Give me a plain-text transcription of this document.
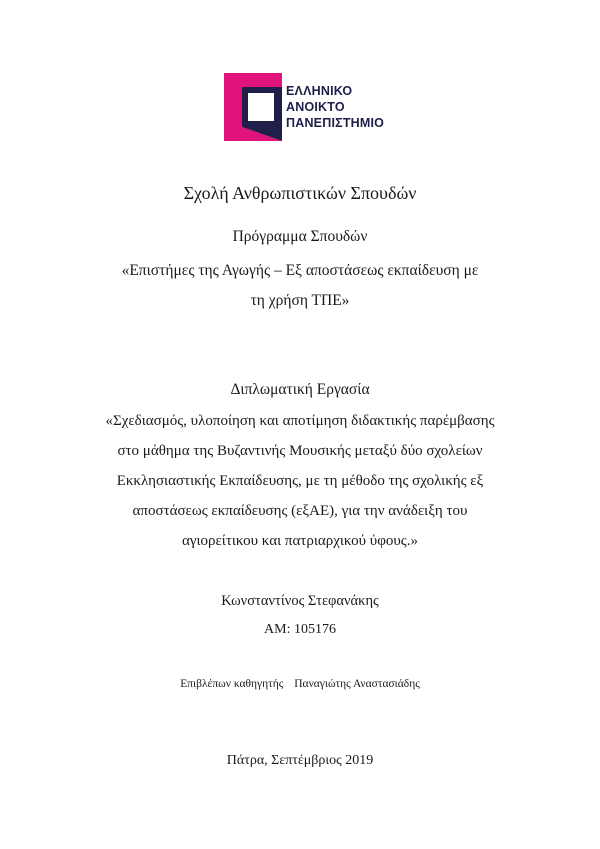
ΕΛΛΗΝΙΚΟ
ΑΝΟΙΚΤΟ
ΠΑΝΕΠΙΣΤΗΜΙΟ
Σχολή Ανθρωπιστικών Σπουδών
Πρόγραμμα Σπουδών
«Επιστήμες της Αγωγής – Εξ αποστάσεως εκπαίδευση με
τη χρήση ΤΠΕ»
Διπλωματική Εργασία
«Σχεδιασμός, υλοποίηση και αποτίμηση διδακτικής παρέμβασης
στο μάθημα της Βυζαντινής Μουσικής μεταξύ δύο σχολείων
Εκκλησιαστικής Εκπαίδευσης, με τη μέθοδο της σχολικής εξ
αποστάσεως εκπαίδευσης (εξΑΕ), για την ανάδειξη του
αγιορείτικου και πατριαρχικού ύφους.»
Κωνσταντίνος Στεφανάκης
ΑΜ: 105176
Επιβλέπων καθηγητής Παναγιώτης Αναστασιάδης
Πάτρα, Σεπτέμβριος 2019
